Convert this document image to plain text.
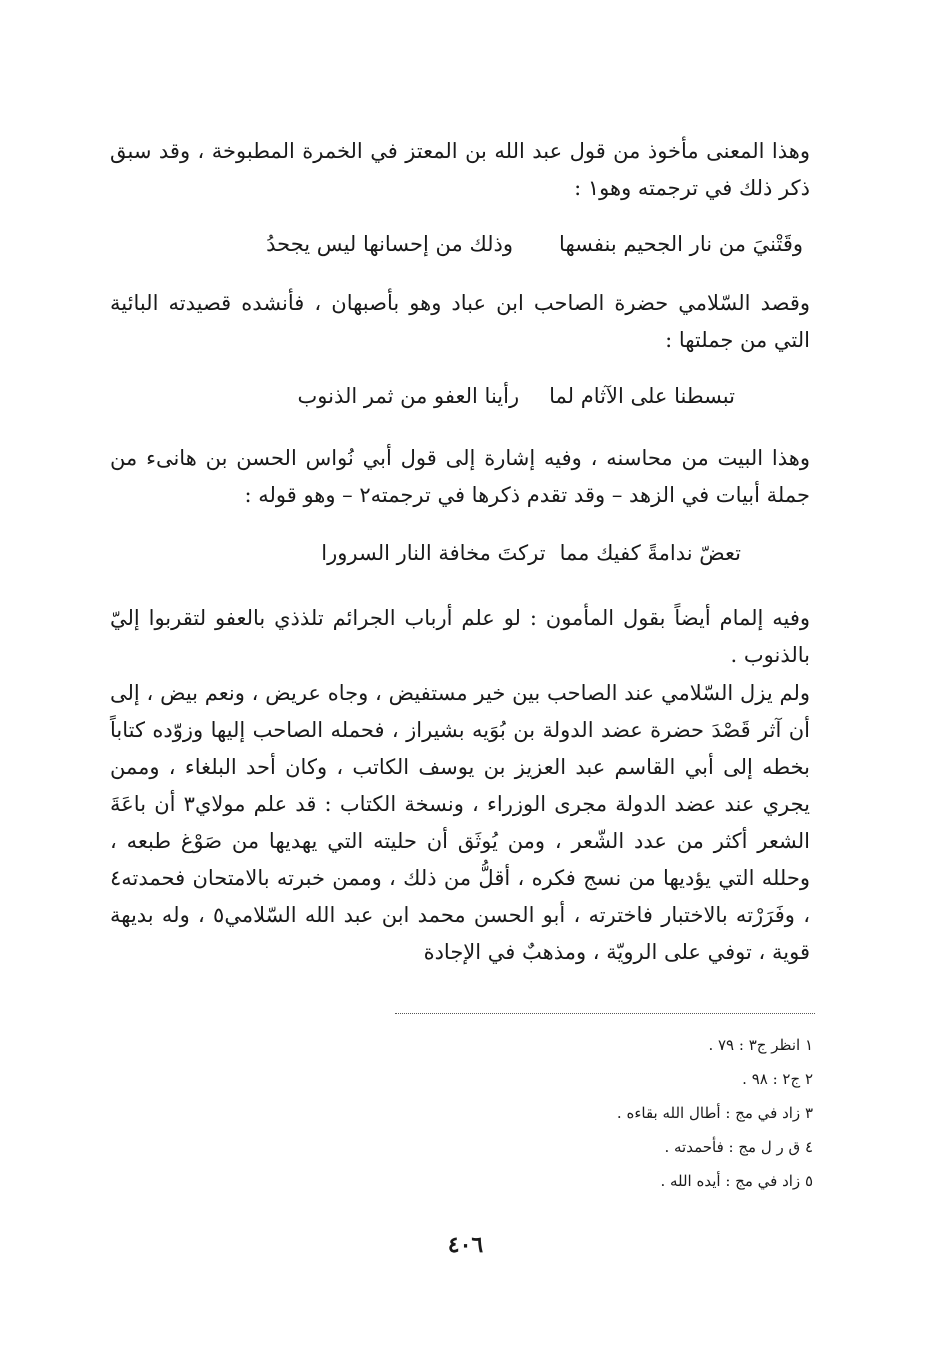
وهذا المعنى مأخوذ من قول عبد الله بن المعتز في الخمرة المطبوخة ، وقد سبق ذكر ذلك في ترجمته وهو١ :
وقَتْنيَ من نار الجحيم بنفسهاوذلك من إحسانها ليس يجحدُ
وقصد السّلامي حضرة الصاحب ابن عباد وهو بأصبهان ، فأنشده قصيدته البائية التي من جملتها :
تبسطنا على الآثام لمارأينا العفو من ثمر الذنوب
وهذا البيت من محاسنه ، وفيه إشارة إلى قول أبي نُواس الحسن بن هانىء من جملة أبيات في الزهد – وقد تقدم ذكرها في ترجمته٢ – وهو قوله :
تعضّ ندامةً كفيك مماتركتَ مخافة النار السرورا
وفيه إلمام أيضاً بقول المأمون : لو علم أرباب الجرائم تلذذي بالعفو لتقربوا إليّ بالذنوب .
ولم يزل السّلامي عند الصاحب بين خير مستفيض ، وجاه عريض ، ونعم بيض ، إلى أن آثر قَصْدَ حضرة عضد الدولة بن بُوَيه بشيراز ، فحمله الصاحب إليها وزوّده كتاباً بخطه إلى أبي القاسم عبد العزيز بن يوسف الكاتب ، وكان أحد البلغاء ، وممن يجري عند عضد الدولة مجرى الوزراء ، ونسخة الكتاب : قد علم مولاي٣ أن باعَةَ الشعر أكثر من عدد الشّعر ، ومن يُوثَق أن حليته التي يهديها من صَوْغ طبعه ، وحلله التي يؤديها من نسج فكره ، أقلُّ من ذلك ، وممن خبرته بالامتحان فحمدته٤ ، وفَرَرْته بالاختبار فاخترته ، أبو الحسن محمد ابن عبد الله السّلامي٥ ، وله بديهة قوية ، توفي على الرويّة ، ومذهبٌ في الإجادة
١ انظر ج٣ : ٧٩ .
٢ ج٢ : ٩٨ .
٣ زاد في مج : أطال الله بقاءه .
٤ ق ر ل مج : فأحمدته .
٥ زاد في مج : أيده الله .
٤٠٦
